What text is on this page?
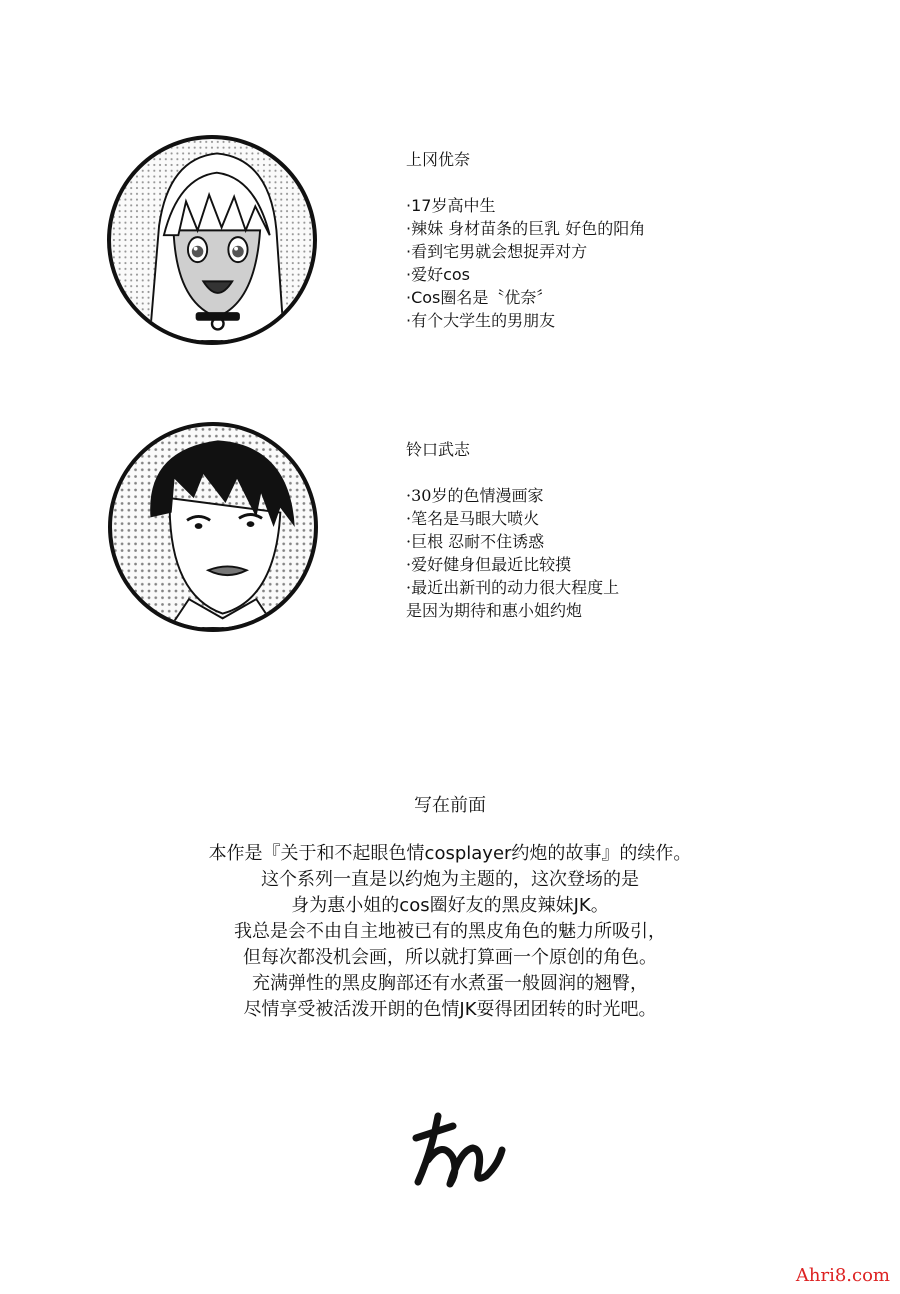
上冈优奈
·17岁高中生
·辣妹 身材苗条的巨乳 好色的阳角
·看到宅男就会想捉弄对方
·爱好cos
·Cos圈名是〝优奈〞
·有个大学生的男朋友
铃口武志
·30岁的色情漫画家
·笔名是马眼大喷火
·巨根 忍耐不住诱惑
·爱好健身但最近比较摸
·最近出新刊的动力很大程度上
是因为期待和惠小姐约炮
写在前面
本作是『关于和不起眼色情cosplayer约炮的故事』的续作。
这个系列一直是以约炮为主题的，这次登场的是
身为惠小姐的cos圈好友的黑皮辣妹JK。
我总是会不由自主地被已有的黑皮角色的魅力所吸引，
但每次都没机会画，所以就打算画一个原创的角色。
充满弹性的黑皮胸部还有水煮蛋一般圆润的翘臀，
尽情享受被活泼开朗的色情JK耍得团团转的时光吧。
Ahri8.com
